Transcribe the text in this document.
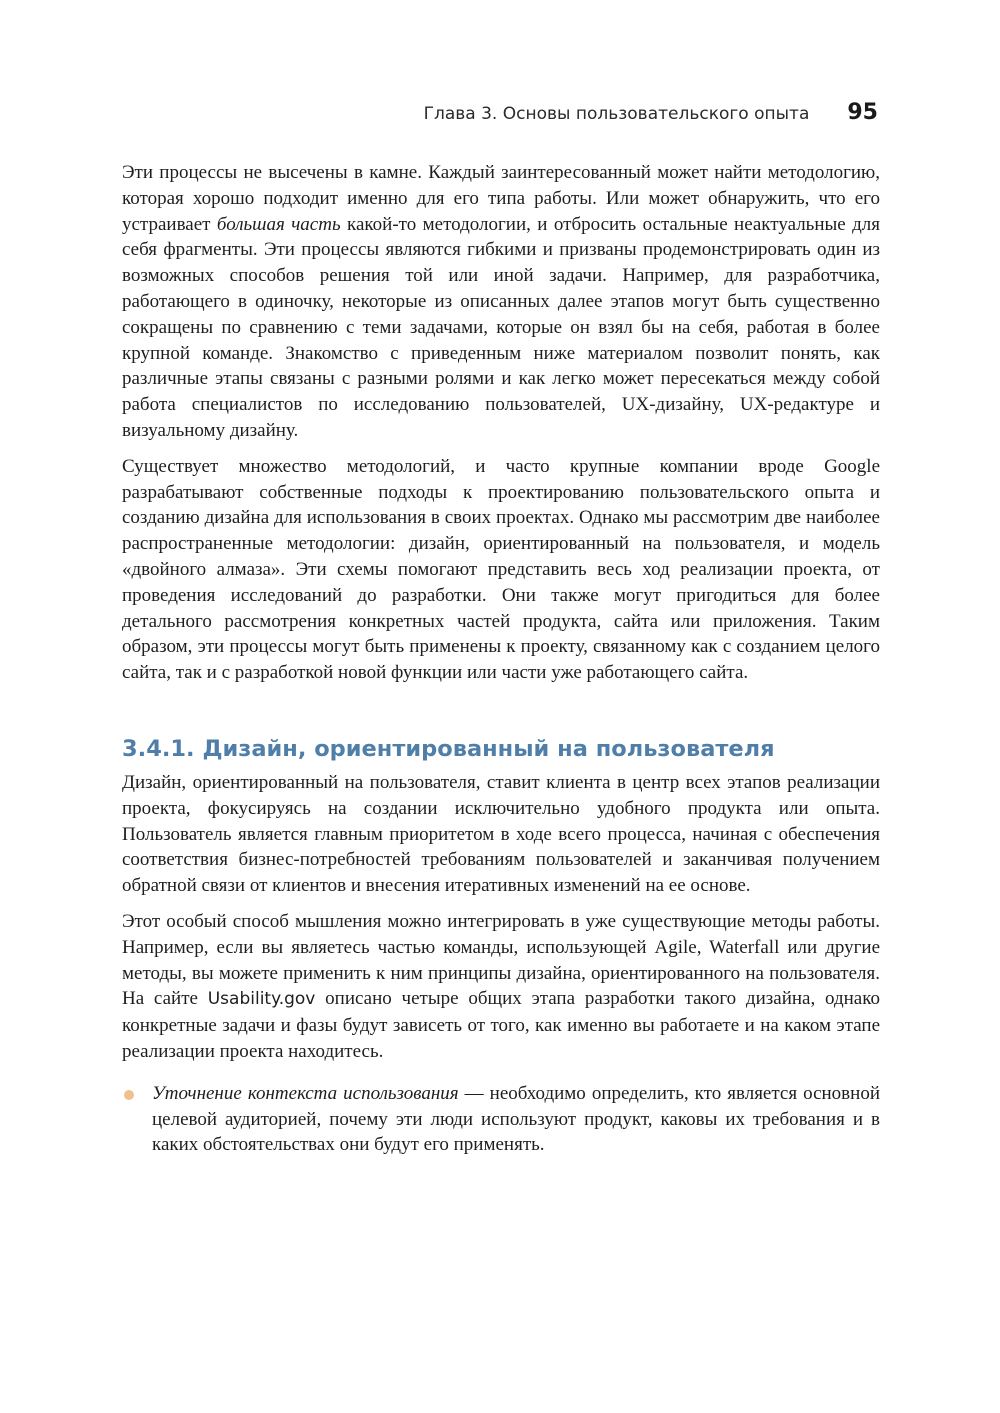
Глава 3. Основы пользовательского опыта 95

Эти процессы не высечены в камне. Каждый заинтересованный может найти методологию, которая хорошо подходит именно для его типа работы. Или может обнаружить, что его устраивает большая часть какой-то методологии, и отбросить остальные неактуальные для себя фрагменты. Эти процессы являются гибкими и призваны продемонстрировать один из возможных способов решения той или иной задачи. Например, для разработчика, работающего в одиночку, некоторые из описанных далее этапов могут быть существенно сокращены по сравнению с теми задачами, которые он взял бы на себя, работая в более крупной команде. Знакомство с приведенным ниже материалом позволит понять, как различные этапы связаны с разными ролями и как легко может пересекаться между собой работа специалистов по исследованию пользователей, UX-дизайну, UX-редактуре и визуальному дизайну.

Существует множество методологий, и часто крупные компании вроде Google разрабатывают собственные подходы к проектированию пользовательского опыта и созданию дизайна для использования в своих проектах. Однако мы рассмотрим две наиболее распространенные методологии: дизайн, ориентированный на пользователя, и модель «двойного алмаза». Эти схемы помогают представить весь ход реализации проекта, от проведения исследований до разработки. Они также могут пригодиться для более детального рассмотрения конкретных частей продукта, сайта или приложения. Таким образом, эти процессы могут быть применены к проекту, связанному как с созданием целого сайта, так и с разработкой новой функции или части уже работающего сайта.

3.4.1. Дизайн, ориентированный на пользователя

Дизайн, ориентированный на пользователя, ставит клиента в центр всех этапов реализации проекта, фокусируясь на создании исключительно удобного продукта или опыта. Пользователь является главным приоритетом в ходе всего процесса, начиная с обеспечения соответствия бизнес-потребностей требованиям пользователей и заканчивая получением обратной связи от клиентов и внесения итеративных изменений на ее основе.

Этот особый способ мышления можно интегрировать в уже существующие методы работы. Например, если вы являетесь частью команды, использующей Agile, Waterfall или другие методы, вы можете применить к ним принципы дизайна, ориентированного на пользователя. На сайте Usability.gov описано четыре общих этапа разработки такого дизайна, однако конкретные задачи и фазы будут зависеть от того, как именно вы работаете и на каком этапе реализации проекта находитесь.

Уточнение контекста использования — необходимо определить, кто является основной целевой аудиторией, почему эти люди используют продукт, каковы их требования и в каких обстоятельствах они будут его применять.
